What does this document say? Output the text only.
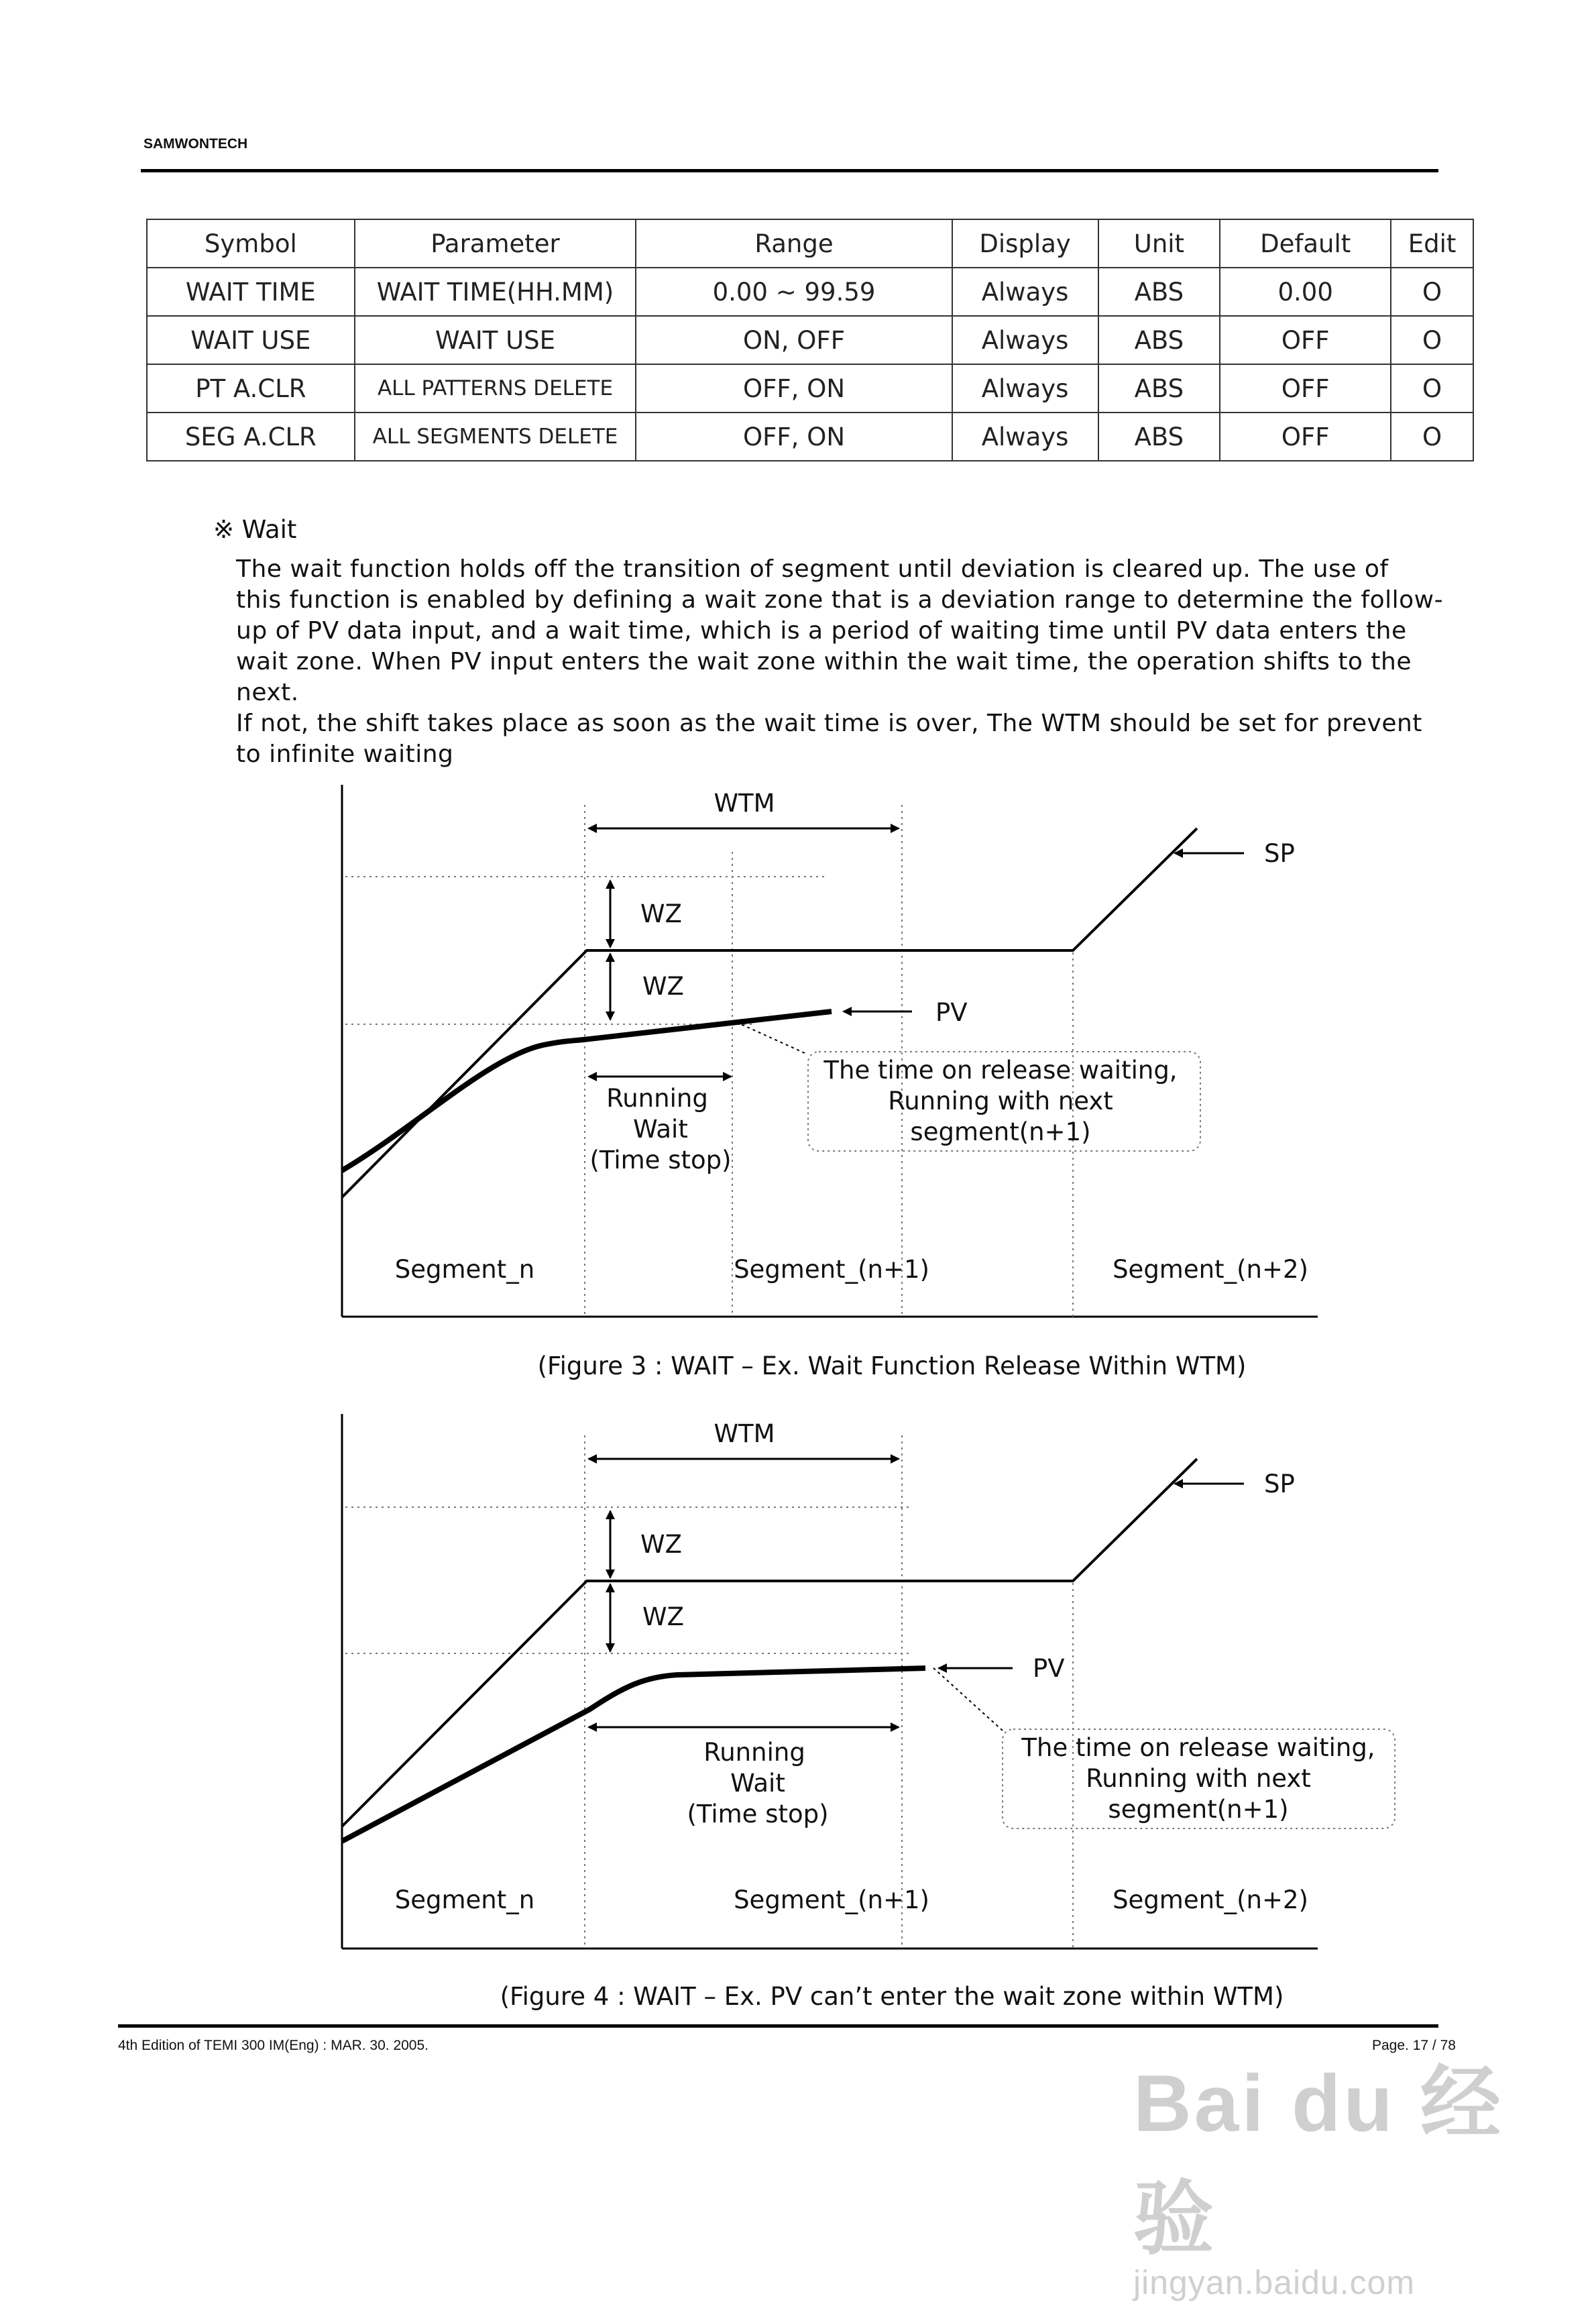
SAMWONTECH
Symbol	Parameter	Range	Display	Unit	Default	Edit
WAIT TIME	WAIT TIME(HH.MM)	0.00 ~ 99.59	Always	ABS	0.00	O
WAIT USE	WAIT USE	ON, OFF	Always	ABS	OFF	O
PT A.CLR	ALL PATTERNS DELETE	OFF, ON	Always	ABS	OFF	O
SEG A.CLR	ALL SEGMENTS DELETE	OFF, ON	Always	ABS	OFF	O
※ Wait

The wait function holds off the transition of segment until deviation is cleared up. The use of

this function is enabled by defining a wait zone that is a deviation range to determine the follow-

up of PV data input, and a wait time, which is a period of waiting time until PV data enters the

wait zone. When PV input enters the wait zone within the wait time, the operation shifts to the

next.

If not, the shift takes place as soon as the wait time is over, The WTM should be set for prevent

to infinite waiting

WTM
WZ
WZ
SP
PV
Running
Wait
(Time stop)
The time on release waiting,
Running with next
segment(n+1)
Segment_n	Segment_(n+1)	Segment_(n+2)
(Figure 3 : WAIT – Ex. Wait Function Release Within WTM)
WTM
WZ
WZ
SP
PV
Running
Wait
(Time stop)
The time on release waiting,
Running with next
segment(n+1)
Segment_n	Segment_(n+1)	Segment_(n+2)
(Figure 4 : WAIT – Ex. PV can’t enter the wait zone within WTM)
4th Edition of TEMI 300 IM(Eng) : MAR. 30. 2005.	Page. 17 / 78
Bai du 经验
jingyan.baidu.com
